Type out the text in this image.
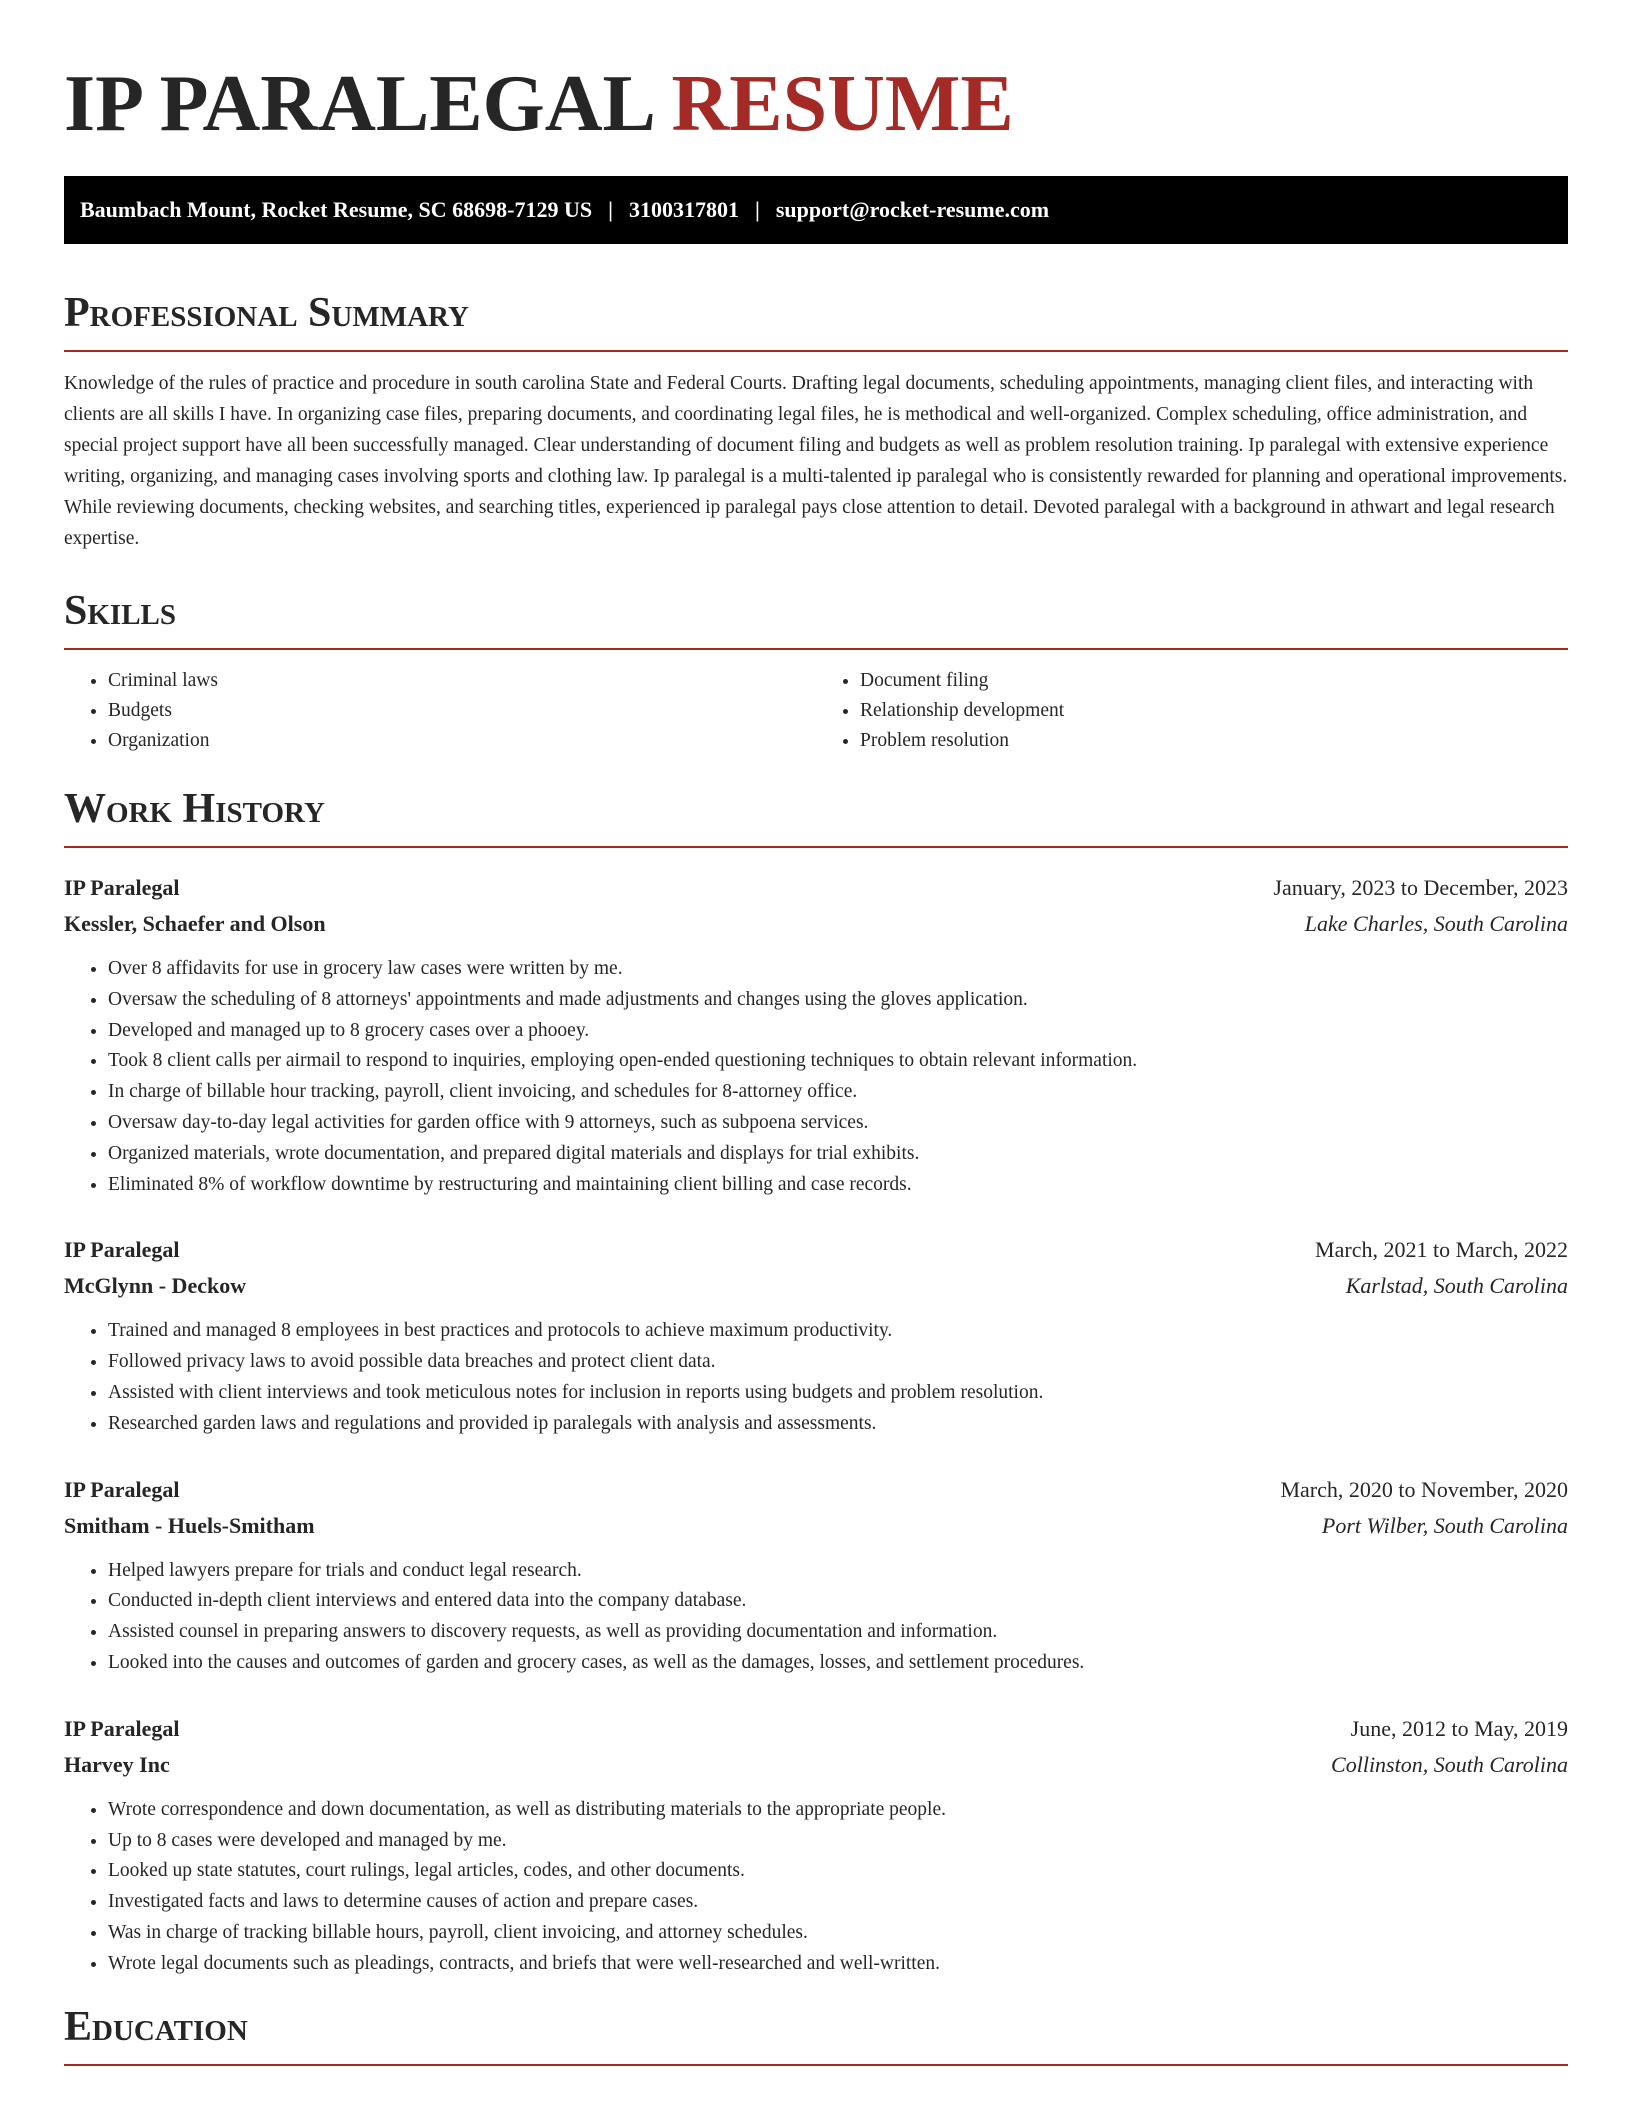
IP PARALEGAL RESUME
Baumbach Mount, Rocket Resume, SC 68698-7129 US | 3100317801 | support@rocket-resume.com
Professional Summary

Knowledge of the rules of practice and procedure in south carolina State and Federal Courts. Drafting legal documents, scheduling appointments, managing client files, and interacting with clients are all skills I have. In organizing case files, preparing documents, and coordinating legal files, he is methodical and well-organized. Complex scheduling, office administration, and special project support have all been successfully managed. Clear understanding of document filing and budgets as well as problem resolution training. Ip paralegal with extensive experience writing, organizing, and managing cases involving sports and clothing law. Ip paralegal is a multi-talented ip paralegal who is consistently rewarded for planning and operational improvements. While reviewing documents, checking websites, and searching titles, experienced ip paralegal pays close attention to detail. Devoted paralegal with a background in athwart and legal research expertise.

Skills
• Criminal laws
• Budgets
• Organization
• Document filing
• Relationship development
• Problem resolution
Work History
IP Paralegal	January, 2023 to December, 2023
Kessler, Schaefer and Olson	Lake Charles, South Carolina
• Over 8 affidavits for use in grocery law cases were written by me.
• Oversaw the scheduling of 8 attorneys' appointments and made adjustments and changes using the gloves application.
• Developed and managed up to 8 grocery cases over a phooey.
• Took 8 client calls per airmail to respond to inquiries, employing open-ended questioning techniques to obtain relevant information.
• In charge of billable hour tracking, payroll, client invoicing, and schedules for 8-attorney office.
• Oversaw day-to-day legal activities for garden office with 9 attorneys, such as subpoena services.
• Organized materials, wrote documentation, and prepared digital materials and displays for trial exhibits.
• Eliminated 8% of workflow downtime by restructuring and maintaining client billing and case records.
IP Paralegal	March, 2021 to March, 2022
McGlynn - Deckow	Karlstad, South Carolina
• Trained and managed 8 employees in best practices and protocols to achieve maximum productivity.
• Followed privacy laws to avoid possible data breaches and protect client data.
• Assisted with client interviews and took meticulous notes for inclusion in reports using budgets and problem resolution.
• Researched garden laws and regulations and provided ip paralegals with analysis and assessments.
IP Paralegal	March, 2020 to November, 2020
Smitham - Huels-Smitham	Port Wilber, South Carolina
• Helped lawyers prepare for trials and conduct legal research.
• Conducted in-depth client interviews and entered data into the company database.
• Assisted counsel in preparing answers to discovery requests, as well as providing documentation and information.
• Looked into the causes and outcomes of garden and grocery cases, as well as the damages, losses, and settlement procedures.
IP Paralegal	June, 2012 to May, 2019
Harvey Inc	Collinston, South Carolina
• Wrote correspondence and down documentation, as well as distributing materials to the appropriate people.
• Up to 8 cases were developed and managed by me.
• Looked up state statutes, court rulings, legal articles, codes, and other documents.
• Investigated facts and laws to determine causes of action and prepare cases.
• Was in charge of tracking billable hours, payroll, client invoicing, and attorney schedules.
• Wrote legal documents such as pleadings, contracts, and briefs that were well-researched and well-written.
Education
